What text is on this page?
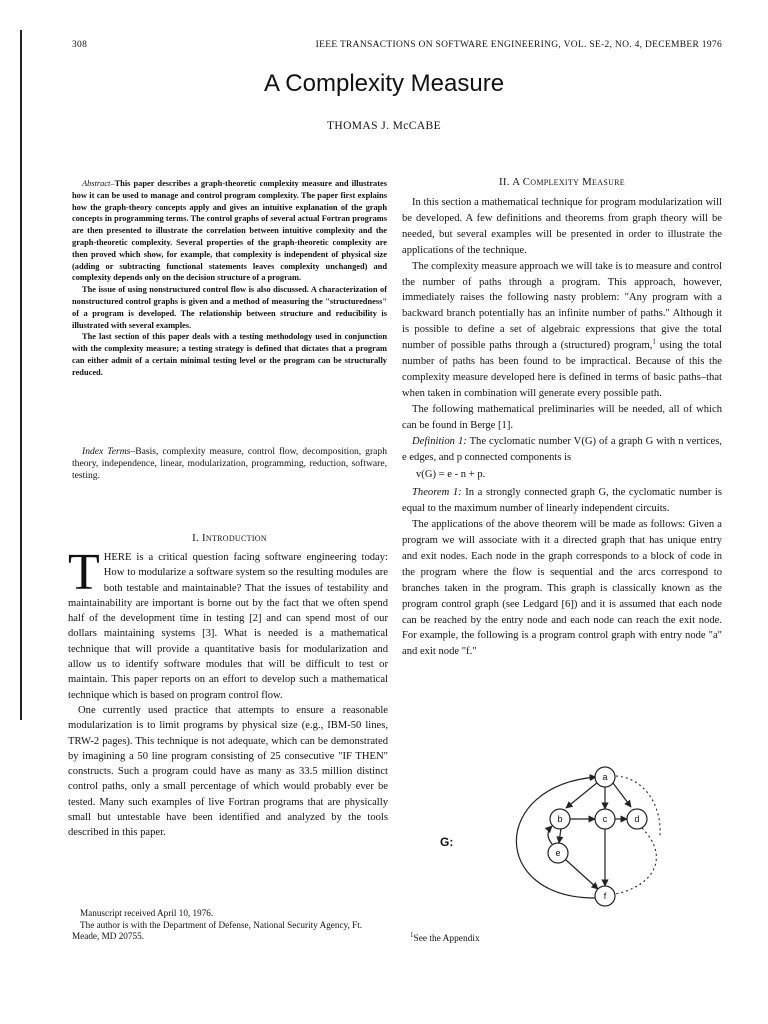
308	IEEE TRANSACTIONS ON SOFTWARE ENGINEERING, VOL. SE-2, NO. 4, DECEMBER 1976
A Complexity Measure
THOMAS J. McCABE

Abstract–This paper describes a graph-theoretic complexity measure and illustrates how it can be used to manage and control program complexity. The paper first explains how the graph-theory concepts apply and gives an intuitive explanation of the graph concepts in programming terms. The control graphs of several actual Fortran programs are then presented to illustrate the correlation between intuitive complexity and the graph-theoretic complexity. Several properties of the graph-theoretic complexity are then proved which show, for example, that complexity is independent of physical size (adding or subtracting functional statements leaves complexity unchanged) and complexity depends only on the decision structure of a program.

The issue of using nonstructured control flow is also discussed. A characterization of nonstructured control graphs is given and a method of measuring the "structuredness" of a program is developed. The relationship between structure and reducibility is illustrated with several examples.

The last section of this paper deals with a testing methodology used in conjunction with the complexity measure; a testing strategy is defined that dictates that a program can either admit of a certain minimal testing level or the program can be structurally reduced.

Index Terms–Basis, complexity measure, control flow, decomposition, graph theory, independence, linear, modularization, programming, reduction, software, testing.

I. Introduction

THERE is a critical question facing software engineering today: How to modularize a software system so the resulting modules are both testable and maintainable? That the issues of testability and maintainability are important is borne out by the fact that we often spend half of the development time in testing [2] and can spend most of our dollars maintaining systems [3]. What is needed is a mathematical technique that will provide a quantitative basis for modularization and allow us to identify software modules that will be difficult to test or maintain. This paper reports on an effort to develop such a mathematical technique which is based on program control flow.

One currently used practice that attempts to ensure a reasonable modularization is to limit programs by physical size (e.g., IBM-50 lines, TRW-2 pages). This technique is not adequate, which can be demonstrated by imagining a 50 line program consisting of 25 consecutive "IF THEN" constructs. Such a program could have as many as 33.5 million distinct control paths, only a small percentage of which would probably ever be tested. Many such examples of live Fortran programs that are physically small but untestable have been identified and analyzed by the tools described in this paper.

Manuscript received April 10, 1976.

The author is with the Department of Defense, National Security Agency, Ft. Meade, MD 20755.

II. A Complexity Measure

In this section a mathematical technique for program modularization will be developed. A few definitions and theorems from graph theory will be needed, but several examples will be presented in order to illustrate the applications of the technique.

The complexity measure approach we will take is to measure and control the number of paths through a program. This approach, however, immediately raises the following nasty problem: "Any program with a backward branch potentially has an infinite number of paths." Although it is possible to define a set of algebraic expressions that give the total number of possible paths through a (structured) program,$^1$ using the total number of paths has been found to be impractical. Because of this the complexity measure developed here is defined in terms of basic paths–that when taken in combination will generate every possible path.

The following mathematical preliminaries will be needed, all of which can be found in Berge [1].

Definition 1: The cyclomatic number V(G) of a graph G with n vertices, e edges, and p connected components is

v(G) = e - n + p.

Theorem 1: In a strongly connected graph G, the cyclomatic number is equal to the maximum number of linearly independent circuits.

The applications of the above theorem will be made as follows: Given a program we will associate with it a directed graph that has unique entry and exit nodes. Each node in the graph corresponds to a block of code in the program where the flow is sequential and the arcs correspond to branches taken in the program. This graph is classically known as the program control graph (see Ledgard [6]) and it is assumed that each node can be reached by the entry node and each node can reach the exit node. For example, the following is a program control graph with entry node "a" and exit node "f."

G:
a
b	c	d
e
f
$^1$See the Appendix
